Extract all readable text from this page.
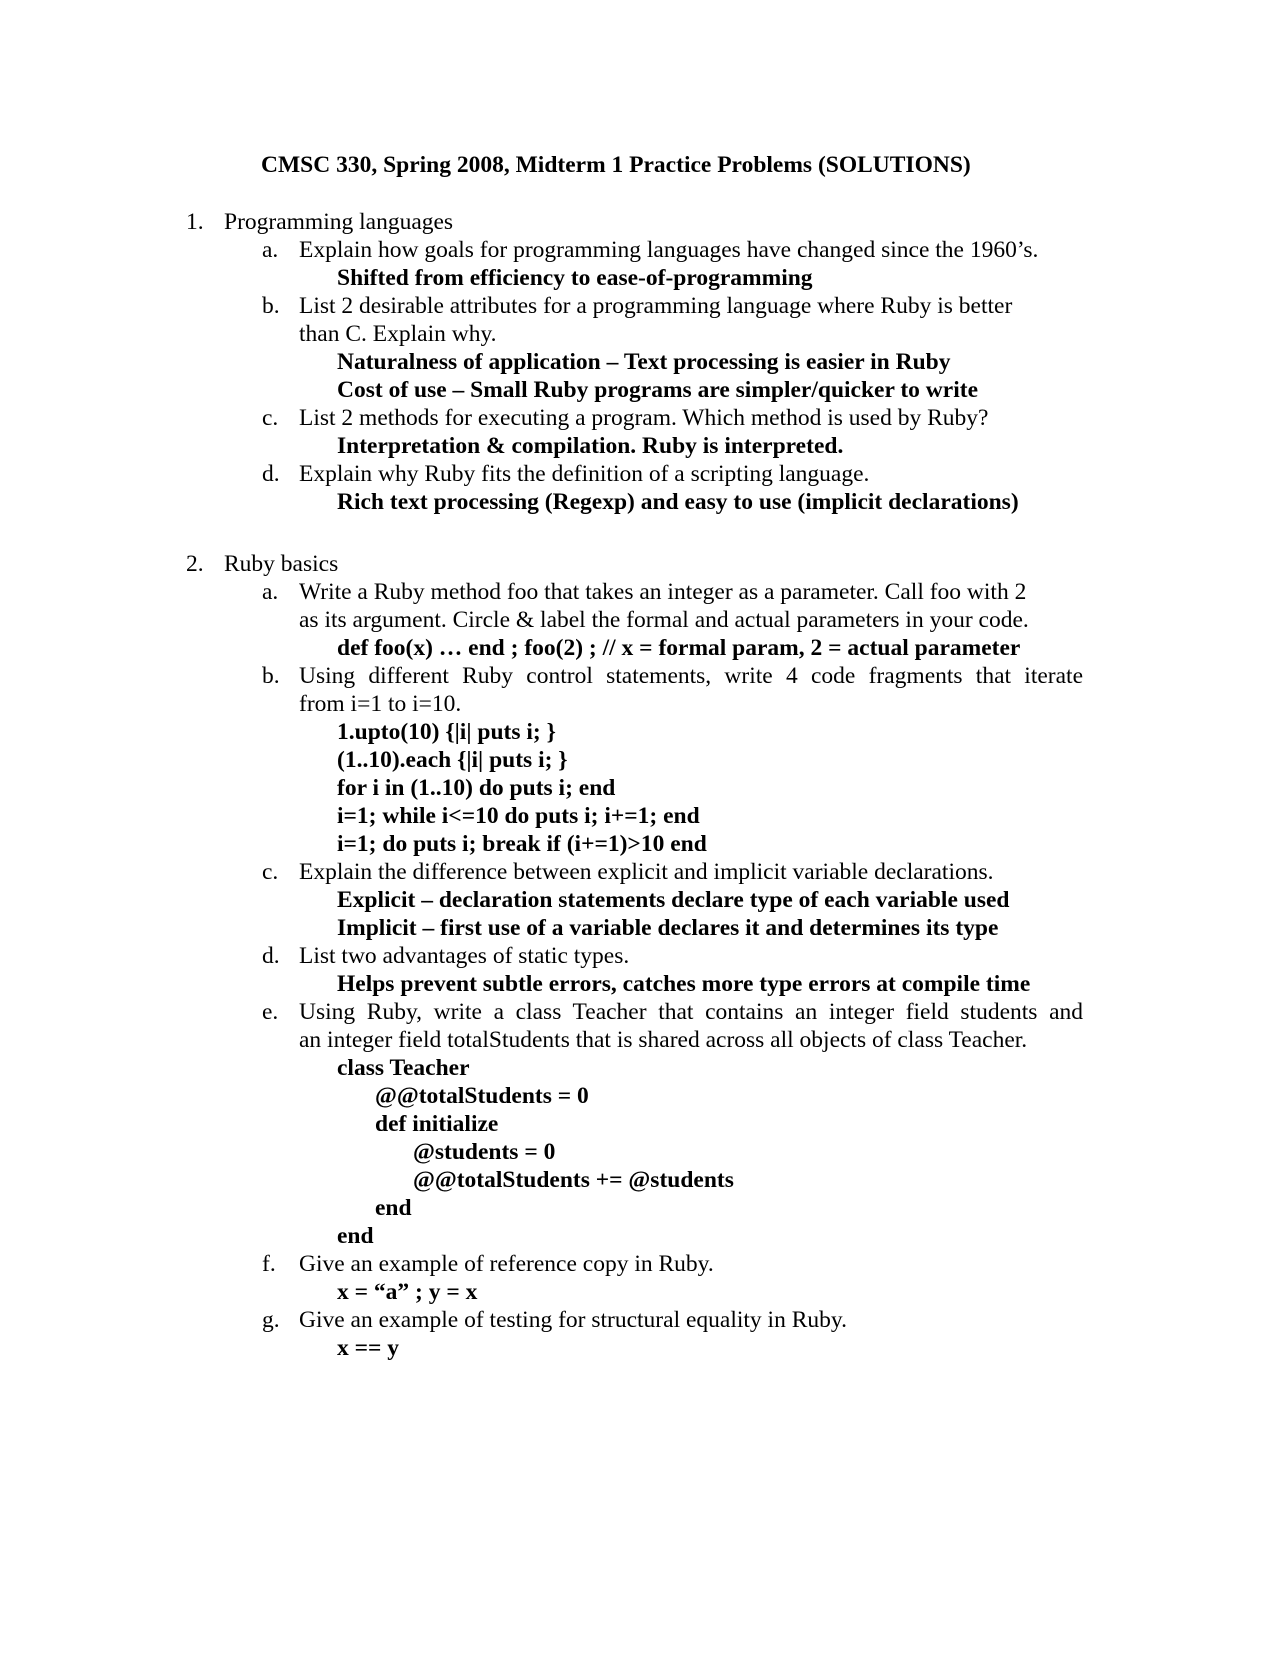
CMSC 330, Spring 2008, Midterm 1 Practice Problems (SOLUTIONS)
1. Programming languages
a. Explain how goals for programming languages have changed since the 1960’s.
Shifted from efficiency to ease-of-programming
b. List 2 desirable attributes for a programming language where Ruby is better
than C. Explain why.
Naturalness of application – Text processing is easier in Ruby
Cost of use – Small Ruby programs are simpler/quicker to write
c. List 2 methods for executing a program. Which method is used by Ruby?
Interpretation & compilation. Ruby is interpreted.
d. Explain why Ruby fits the definition of a scripting language.
Rich text processing (Regexp) and easy to use (implicit declarations)
2. Ruby basics
a. Write a Ruby method foo that takes an integer as a parameter. Call foo with 2
as its argument. Circle & label the formal and actual parameters in your code.
def foo(x) … end ; foo(2) ; // x = formal param, 2 = actual parameter
b. Using different Ruby control statements, write 4 code fragments that iterate
from i=1 to i=10.
1.upto(10) {|i| puts i; }
(1..10).each {|i| puts i; }
for i in (1..10) do puts i; end
i=1; while i<=10 do puts i; i+=1; end
i=1; do puts i; break if (i+=1)>10 end
c. Explain the difference between explicit and implicit variable declarations.
Explicit – declaration statements declare type of each variable used
Implicit – first use of a variable declares it and determines its type
d. List two advantages of static types.
Helps prevent subtle errors, catches more type errors at compile time
e. Using Ruby, write a class Teacher that contains an integer field students and
an integer field totalStudents that is shared across all objects of class Teacher.
class Teacher
@@totalStudents = 0
def initialize
@students = 0
@@totalStudents += @students
end
end
f. Give an example of reference copy in Ruby.
x = “a” ; y = x
g. Give an example of testing for structural equality in Ruby.
x == y
